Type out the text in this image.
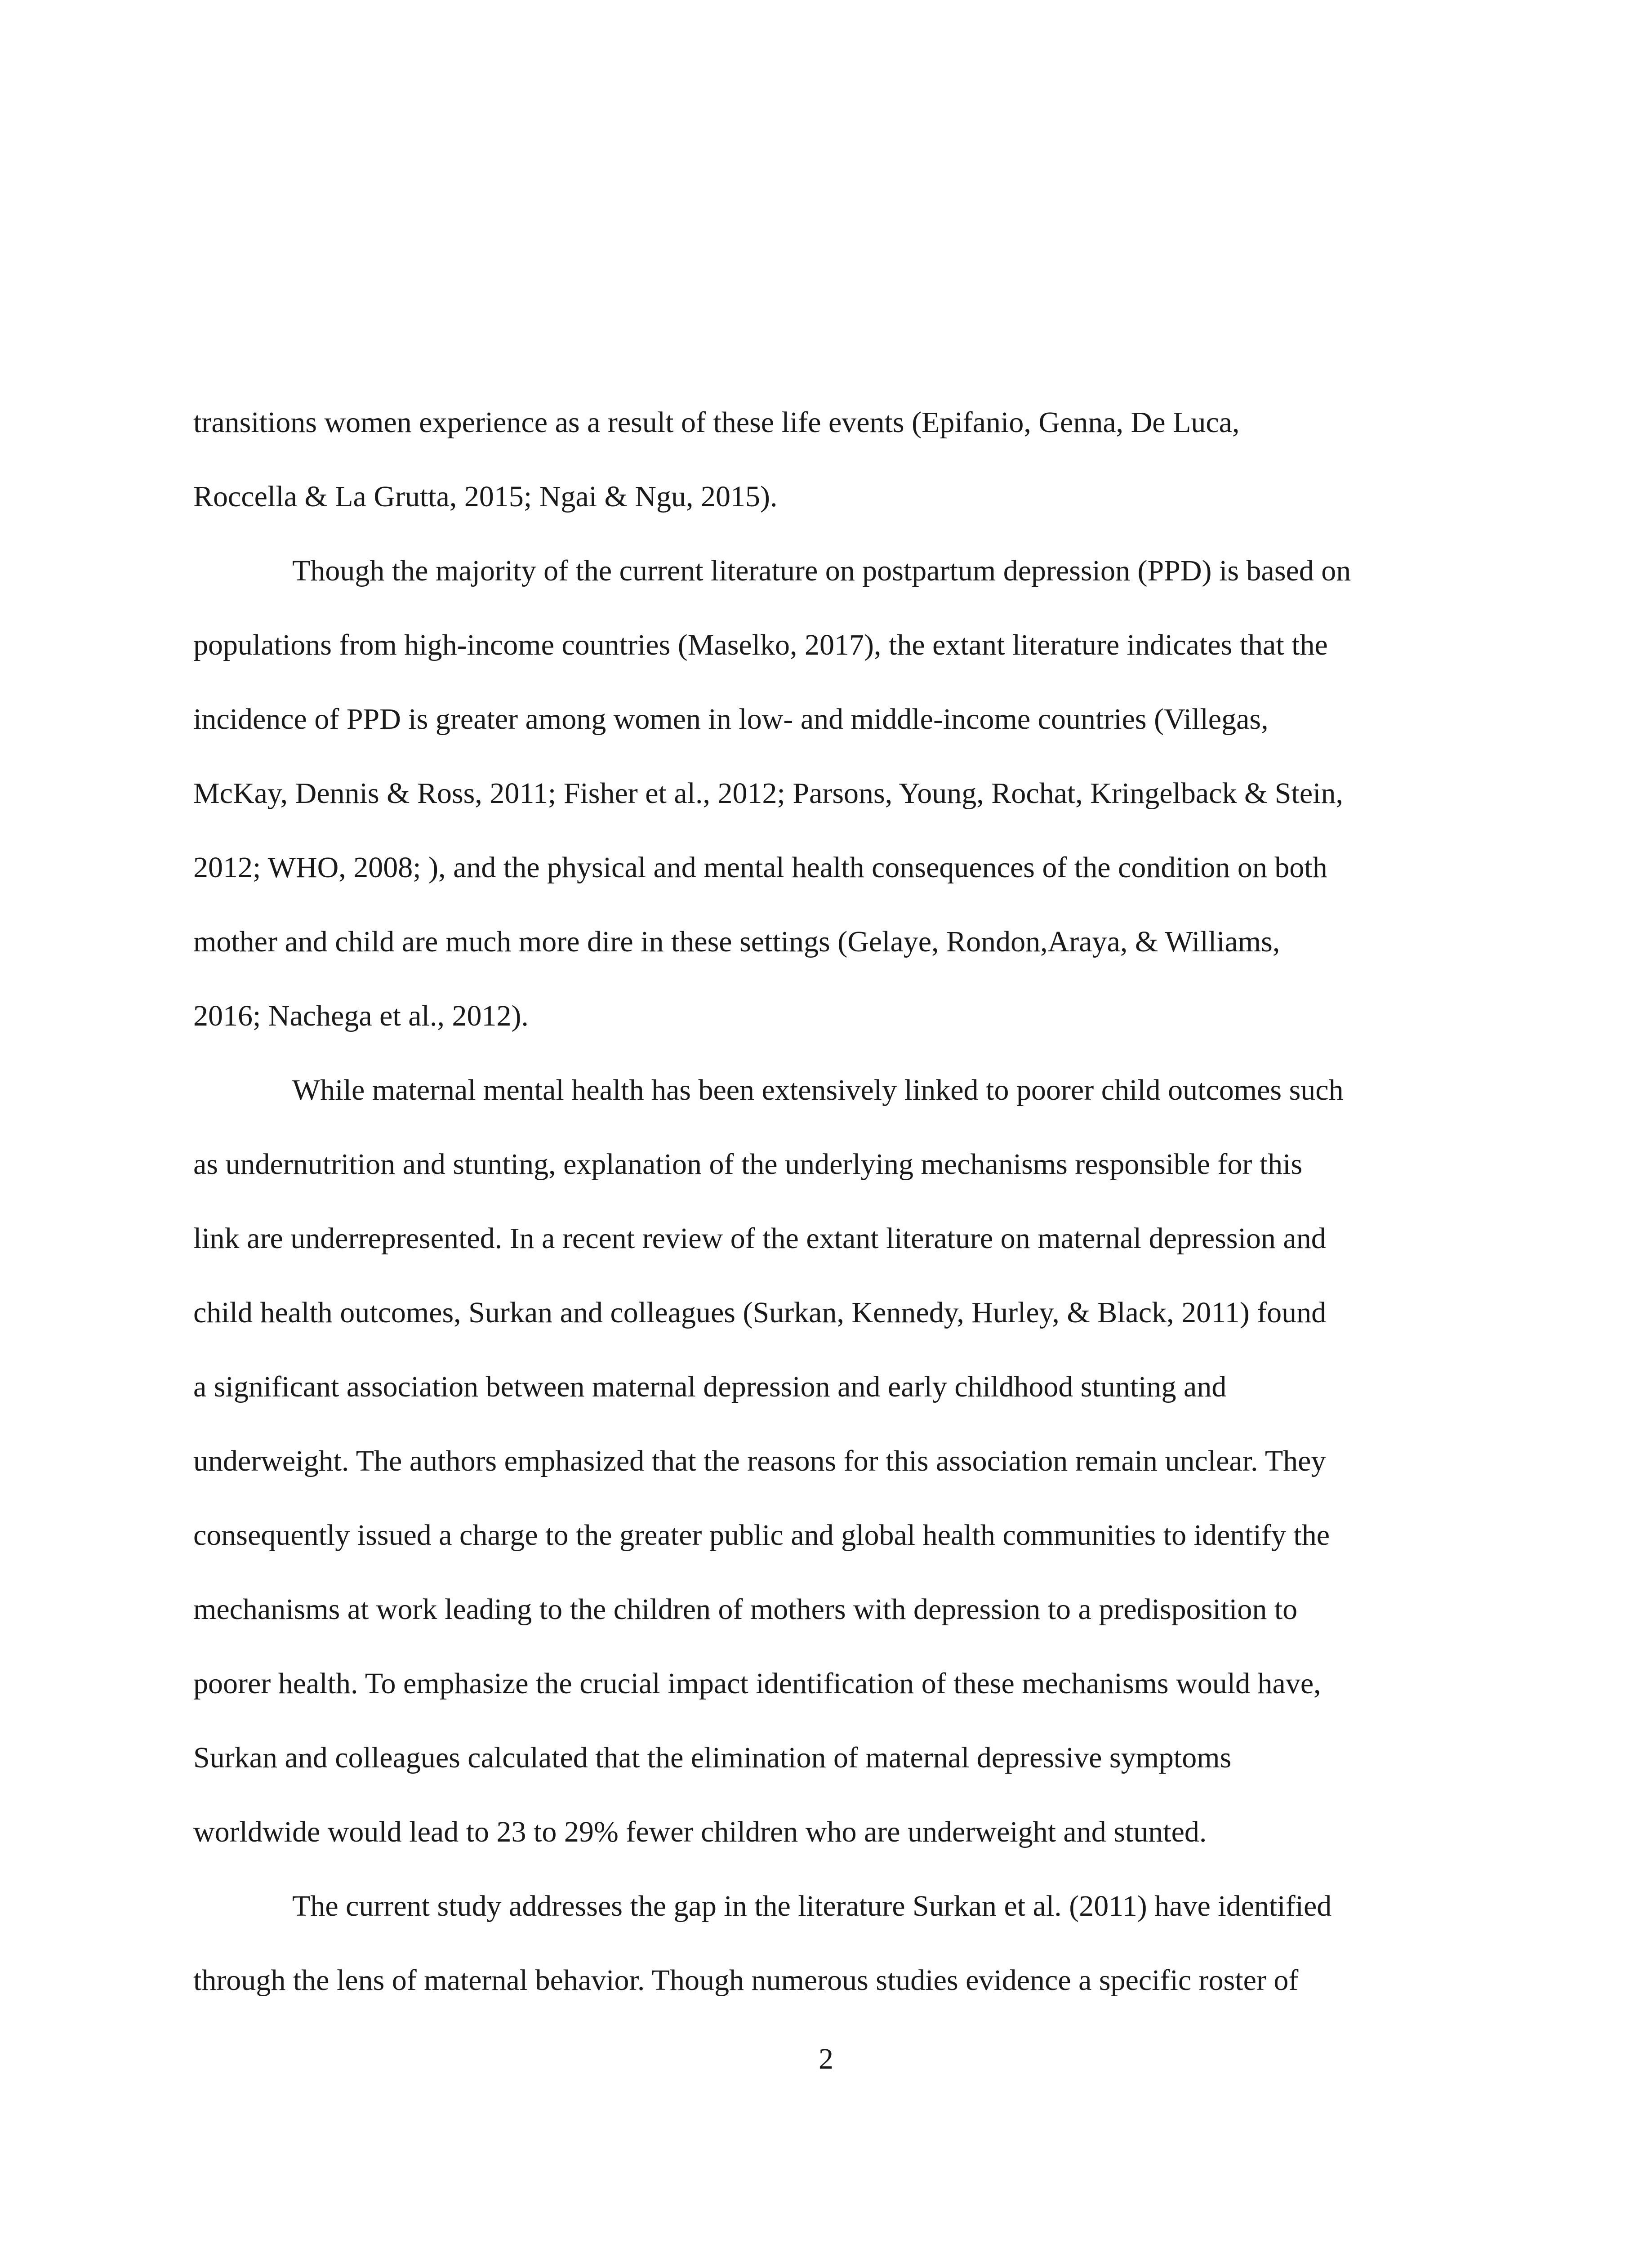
transitions women experience as a result of these life events (Epifanio, Genna, De Luca,
Roccella & La Grutta, 2015; Ngai & Ngu, 2015).
Though the majority of the current literature on postpartum depression (PPD) is based on
populations from high-income countries (Maselko, 2017), the extant literature indicates that the
incidence of PPD is greater among women in low- and middle-income countries (Villegas,
McKay, Dennis & Ross, 2011; Fisher et al., 2012; Parsons, Young, Rochat, Kringelback & Stein,
2012; WHO, 2008; ), and the physical and mental health consequences of the condition on both
mother and child are much more dire in these settings (Gelaye, Rondon,Araya, & Williams,
2016; Nachega et al., 2012).
While maternal mental health has been extensively linked to poorer child outcomes such
as undernutrition and stunting, explanation of the underlying mechanisms responsible for this
link are underrepresented. In a recent review of the extant literature on maternal depression and
child health outcomes, Surkan and colleagues (Surkan, Kennedy, Hurley, & Black, 2011) found
a significant association between maternal depression and early childhood stunting and
underweight. The authors emphasized that the reasons for this association remain unclear. They
consequently issued a charge to the greater public and global health communities to identify the
mechanisms at work leading to the children of mothers with depression to a predisposition to
poorer health. To emphasize the crucial impact identification of these mechanisms would have,
Surkan and colleagues calculated that the elimination of maternal depressive symptoms
worldwide would lead to 23 to 29% fewer children who are underweight and stunted.
The current study addresses the gap in the literature Surkan et al. (2011) have identified
through the lens of maternal behavior. Though numerous studies evidence a specific roster of
2
